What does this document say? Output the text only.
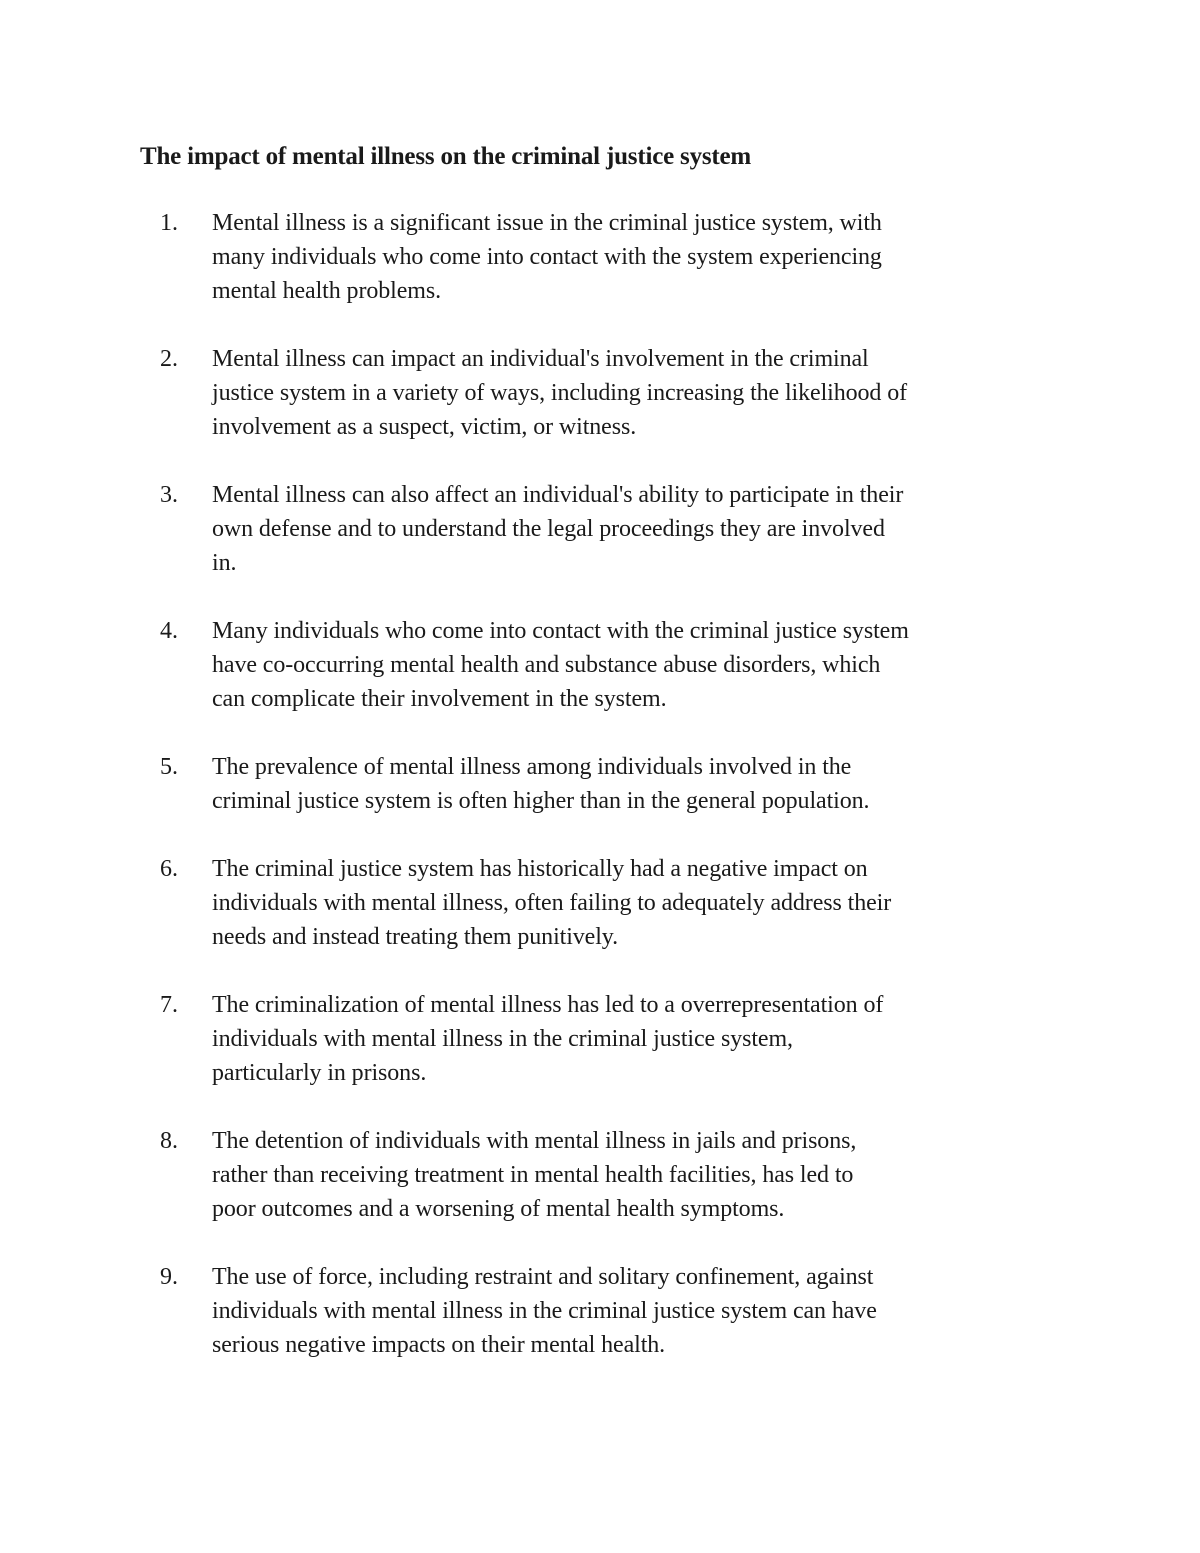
The impact of mental illness on the criminal justice system
1.	Mental illness is a significant issue in the criminal justice system, with
many individuals who come into contact with the system experiencing
mental health problems.
2.	Mental illness can impact an individual's involvement in the criminal
justice system in a variety of ways, including increasing the likelihood of
involvement as a suspect, victim, or witness.
3.	Mental illness can also affect an individual's ability to participate in their
own defense and to understand the legal proceedings they are involved
in.
4.	Many individuals who come into contact with the criminal justice system
have co-occurring mental health and substance abuse disorders, which
can complicate their involvement in the system.
5.	The prevalence of mental illness among individuals involved in the
criminal justice system is often higher than in the general population.
6.	The criminal justice system has historically had a negative impact on
individuals with mental illness, often failing to adequately address their
needs and instead treating them punitively.
7.	The criminalization of mental illness has led to a overrepresentation of
individuals with mental illness in the criminal justice system,
particularly in prisons.
8.	The detention of individuals with mental illness in jails and prisons,
rather than receiving treatment in mental health facilities, has led to
poor outcomes and a worsening of mental health symptoms.
9.	The use of force, including restraint and solitary confinement, against
individuals with mental illness in the criminal justice system can have
serious negative impacts on their mental health.
